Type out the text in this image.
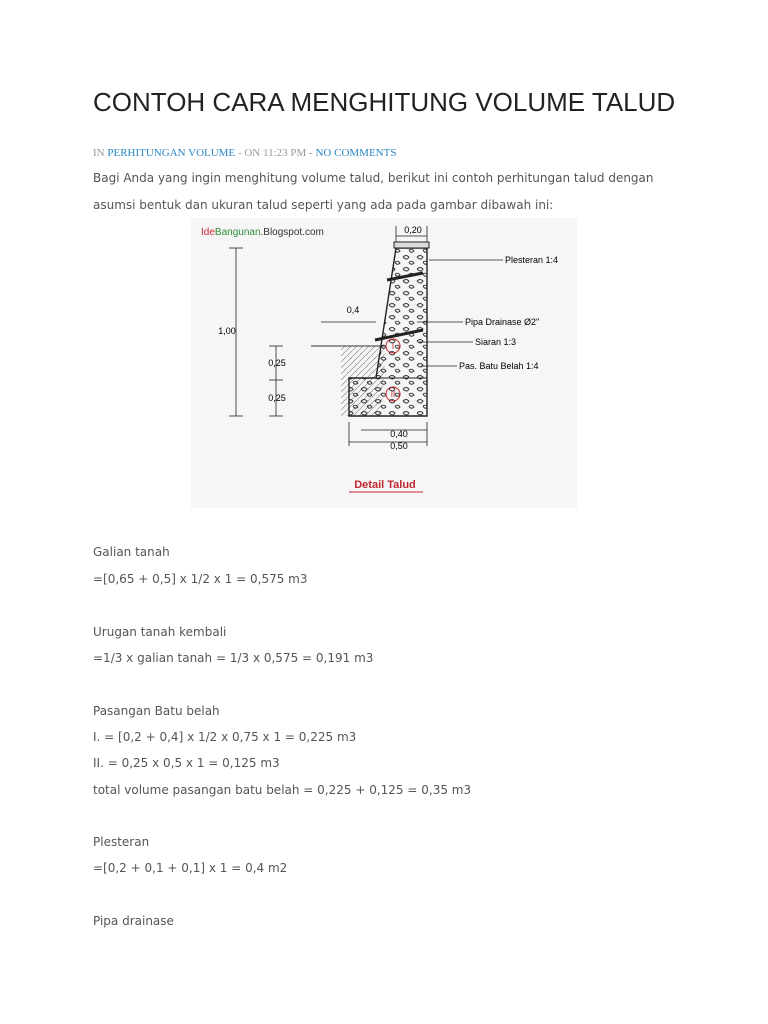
CONTOH CARA MENGHITUNG VOLUME TALUD
IN PERHITUNGAN VOLUME - ON 11:23 PM - NO COMMENTS

Bagi Anda yang ingin menghitung volume talud, berikut ini contoh perhitungan talud dengan asumsi bentuk dan ukuran talud seperti yang ada pada gambar dibawah ini:

IdeBangunan.Blogspot.com
I
II
0,20
1,00
0,25
0,25
0,4
0,40
0,50
Plesteran 1:4
Pipa Drainase Ø2"
Siaran 1:3
Pas. Batu Belah 1:4
Detail Talud
Galian tanah
=[0,65 + 0,5] x 1/2 x 1 = 0,575 m3
Urugan tanah kembali
=1/3 x galian tanah = 1/3 x 0,575 = 0,191 m3
Pasangan Batu belah
I. = [0,2 + 0,4] x 1/2 x 0,75 x 1 = 0,225 m3
II. = 0,25 x 0,5 x 1 = 0,125 m3
total volume pasangan batu belah = 0,225 + 0,125 = 0,35 m3
Plesteran
=[0,2 + 0,1 + 0,1] x 1 = 0,4 m2
Pipa drainase
